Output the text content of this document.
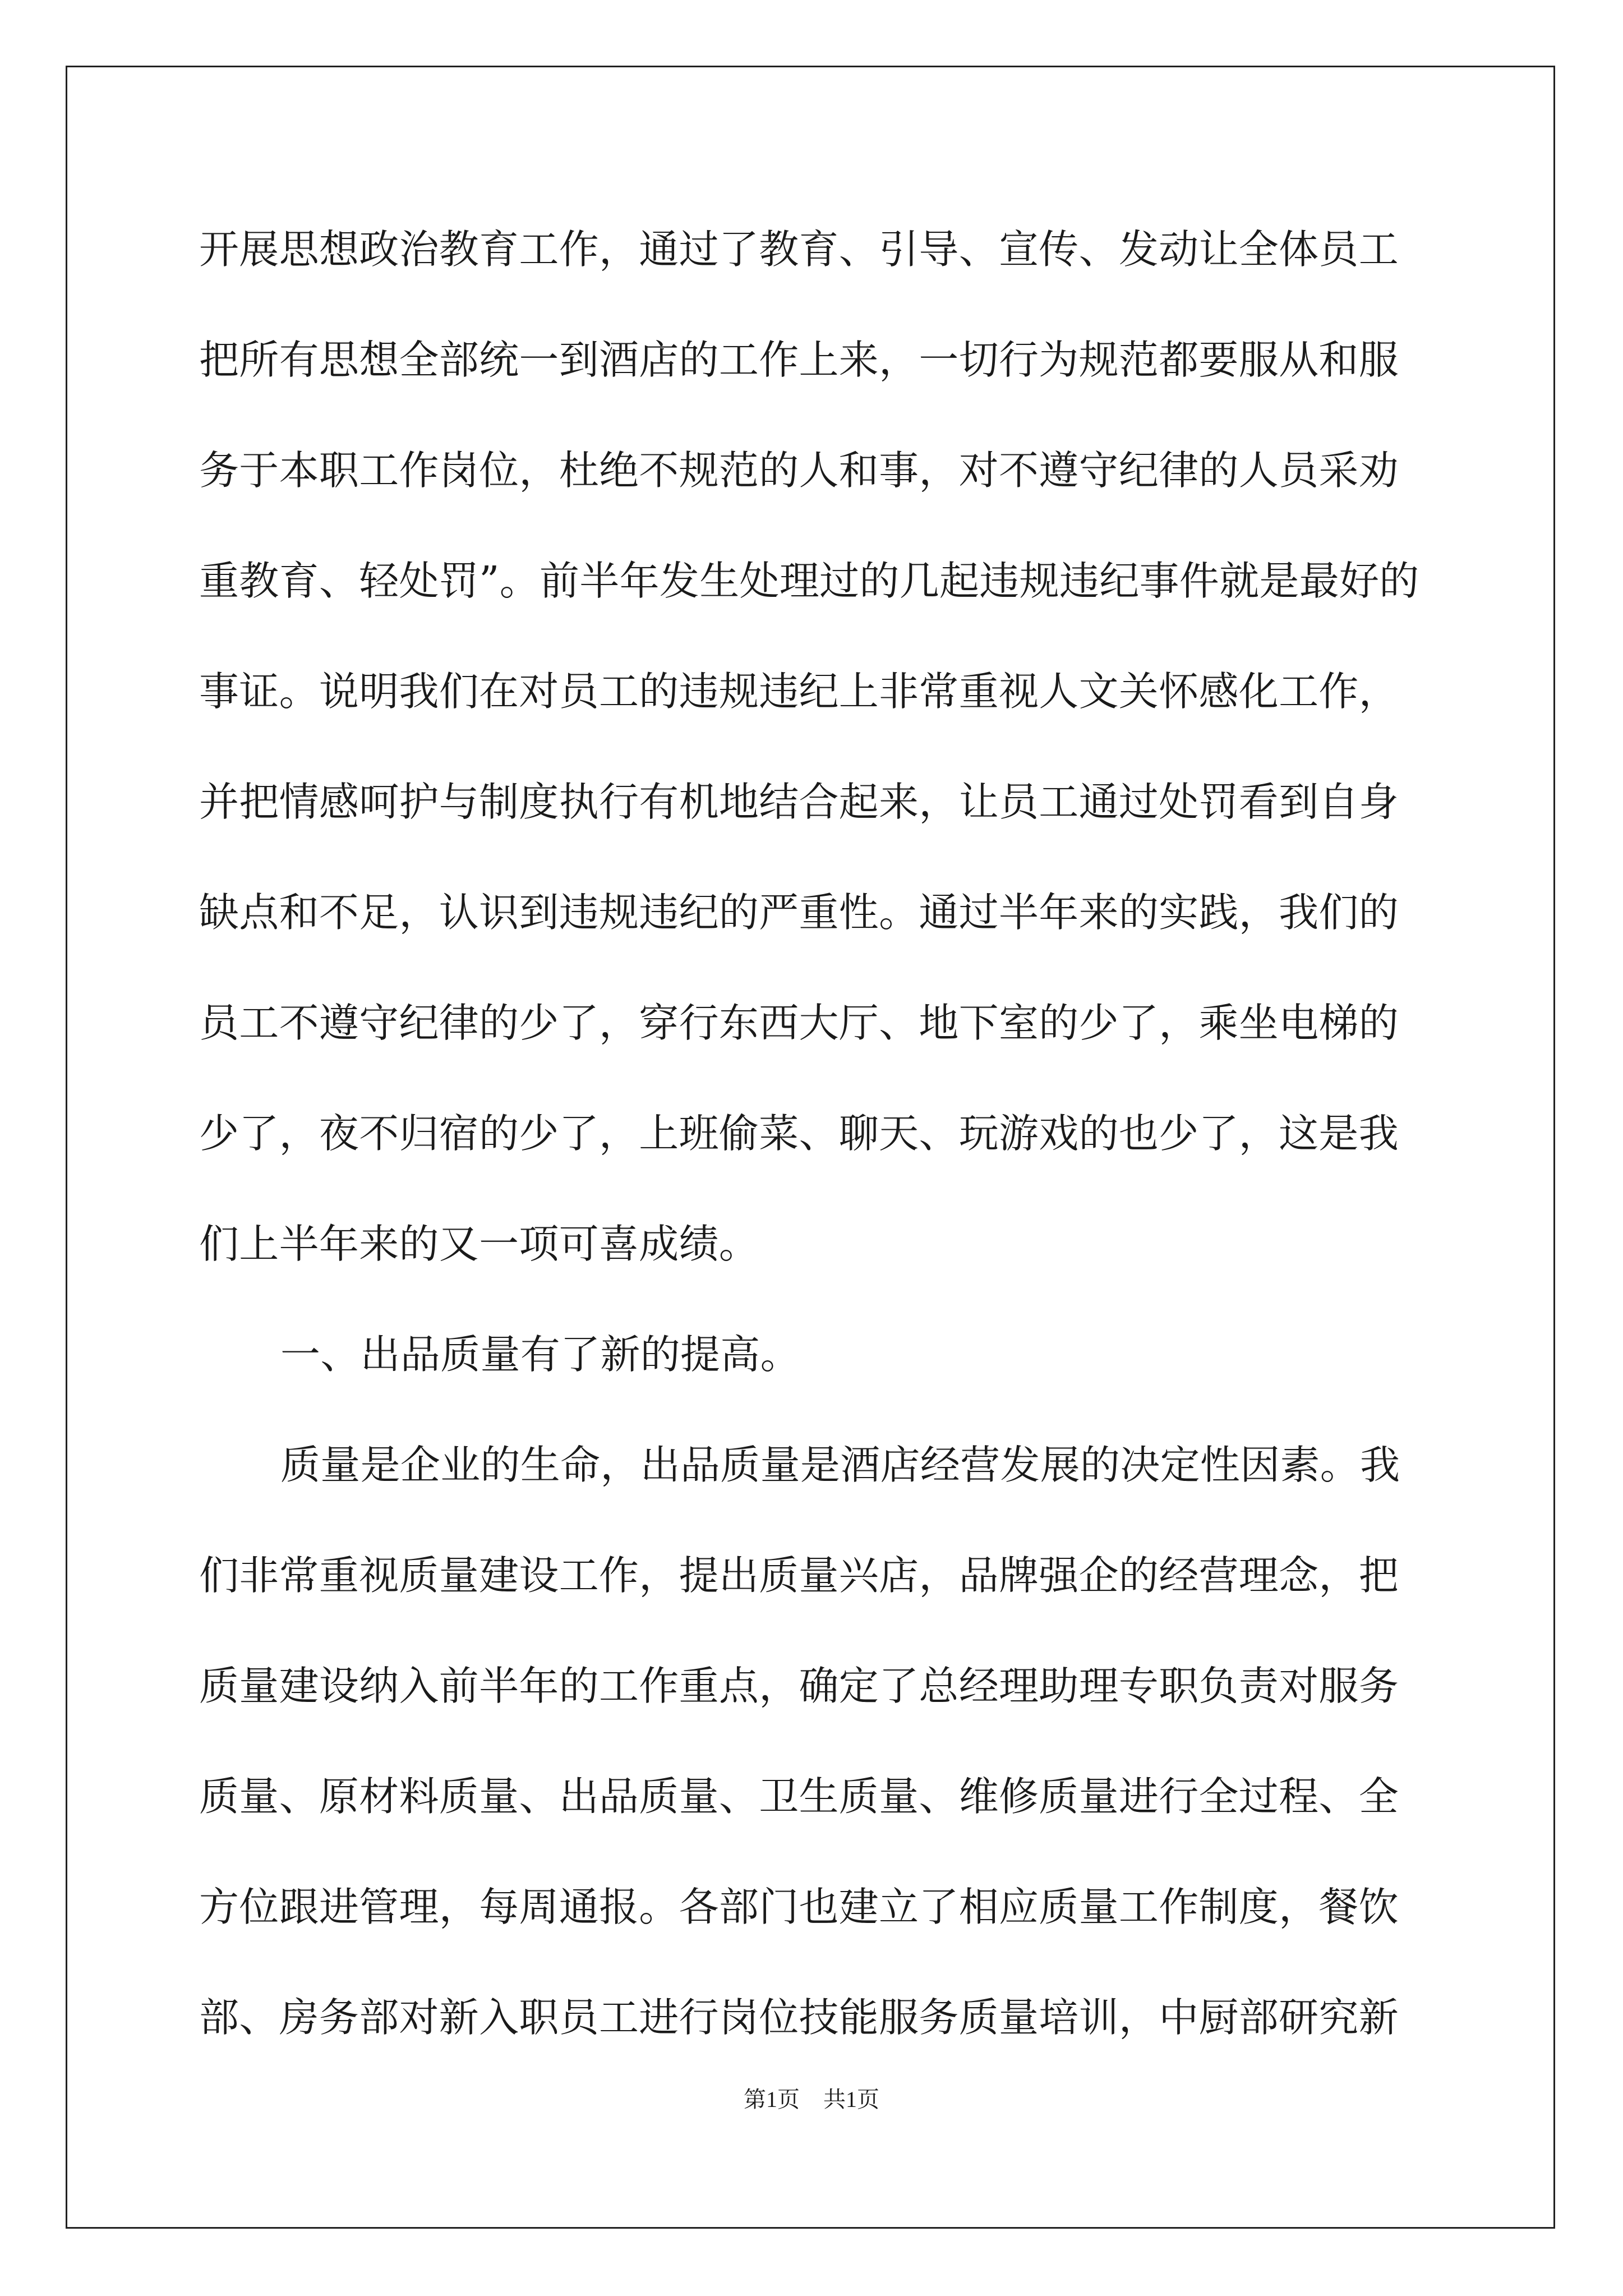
开展思想政治教育工作，通过了教育、引导、宣传、发动让全体员工
把所有思想全部统一到酒店的工作上来，一切行为规范都要服从和服
务于本职工作岗位，杜绝不规范的人和事，对不遵守纪律的人员采劝
重教育、轻处罚”。前半年发生处理过的几起违规违纪事件就是最好的
事证。说明我们在对员工的违规违纪上非常重视人文关怀感化工作，
并把情感呵护与制度执行有机地结合起来，让员工通过处罚看到自身
缺点和不足，认识到违规违纪的严重性。通过半年来的实践，我们的
员工不遵守纪律的少了，穿行东西大厅、地下室的少了，乘坐电梯的
少了，夜不归宿的少了，上班偷菜、聊天、玩游戏的也少了，这是我
们上半年来的又一项可喜成绩。
一、出品质量有了新的提高。
质量是企业的生命，出品质量是酒店经营发展的决定性因素。我
们非常重视质量建设工作，提出质量兴店，品牌强企的经营理念，把
质量建设纳入前半年的工作重点，确定了总经理助理专职负责对服务
质量、原材料质量、出品质量、卫生质量、维修质量进行全过程、全
方位跟进管理，每周通报。各部门也建立了相应质量工作制度，餐饮
部、房务部对新入职员工进行岗位技能服务质量培训，中厨部研究新
第1页 共1页
